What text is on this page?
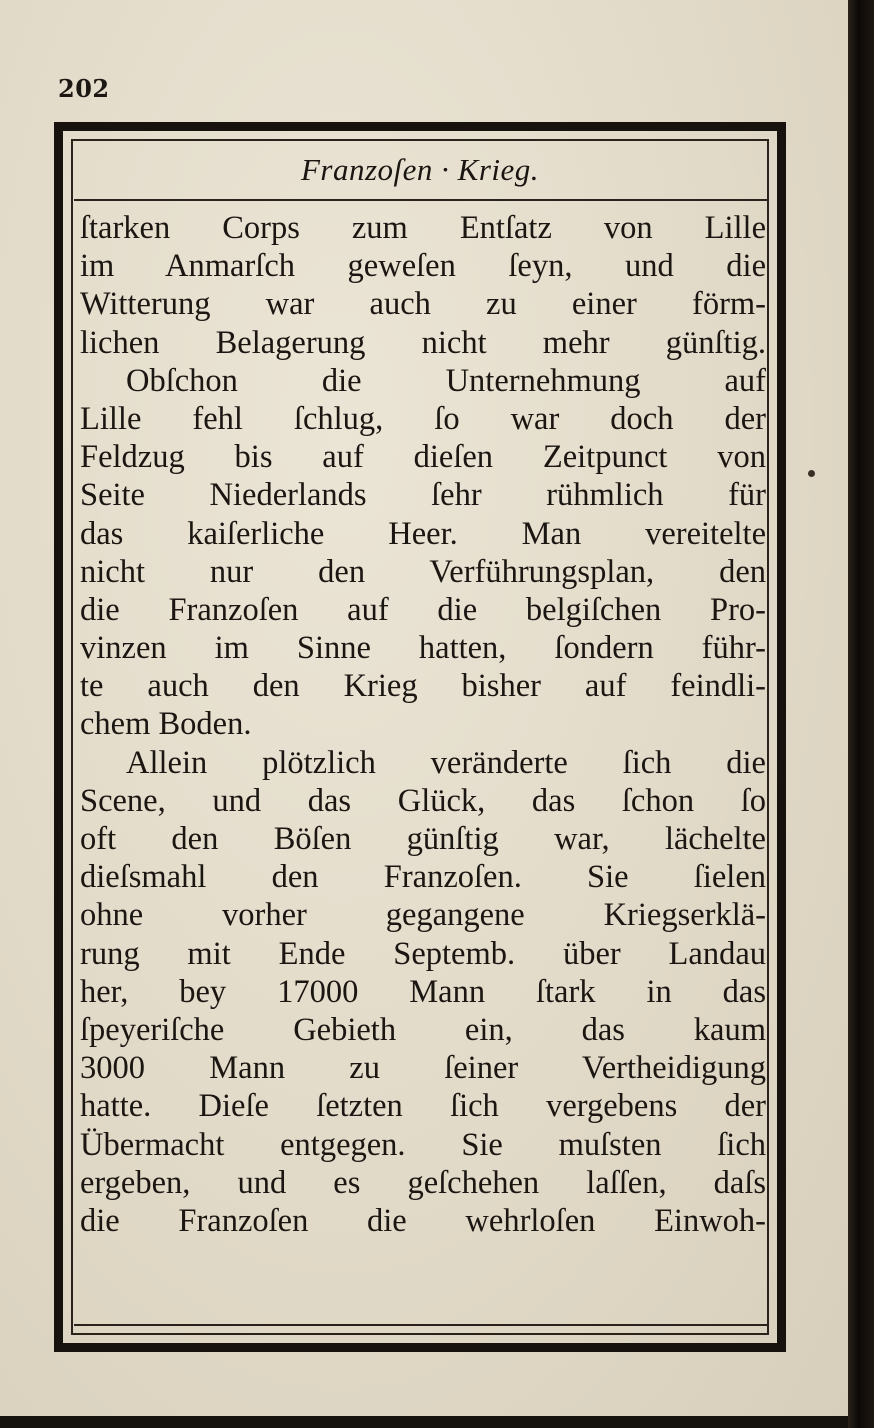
202
Franzoſen · Krieg.
ſtarken Corps zum Entſatz von Lille
im Anmarſch geweſen ſeyn, und die
Witterung war auch zu einer förm-
lichen Belagerung nicht mehr günſtig.
Obſchon die Unternehmung auf
Lille fehl ſchlug, ſo war doch der
Feldzug bis auf dieſen Zeitpunct von
Seite Niederlands ſehr rühmlich für
das kaiſerliche Heer. Man vereitelte
nicht nur den Verführungsplan, den
die Franzoſen auf die belgiſchen Pro-
vinzen im Sinne hatten, ſondern führ-
te auch den Krieg bisher auf feindli-
chem Boden.
Allein plötzlich veränderte ſich die
Scene, und das Glück, das ſchon ſo
oft den Böſen günſtig war, lächelte
dieſsmahl den Franzoſen. Sie ſielen
ohne vorher gegangene Kriegserklä-
rung mit Ende Septemb. über Landau
her, bey 17000 Mann ſtark in das
ſpeyeriſche Gebieth ein, das kaum
3000 Mann zu ſeiner Vertheidigung
hatte. Dieſe ſetzten ſich vergebens der
Übermacht entgegen. Sie muſsten ſich
ergeben, und es geſchehen laſſen, daſs
die Franzoſen die wehrloſen Einwoh-
